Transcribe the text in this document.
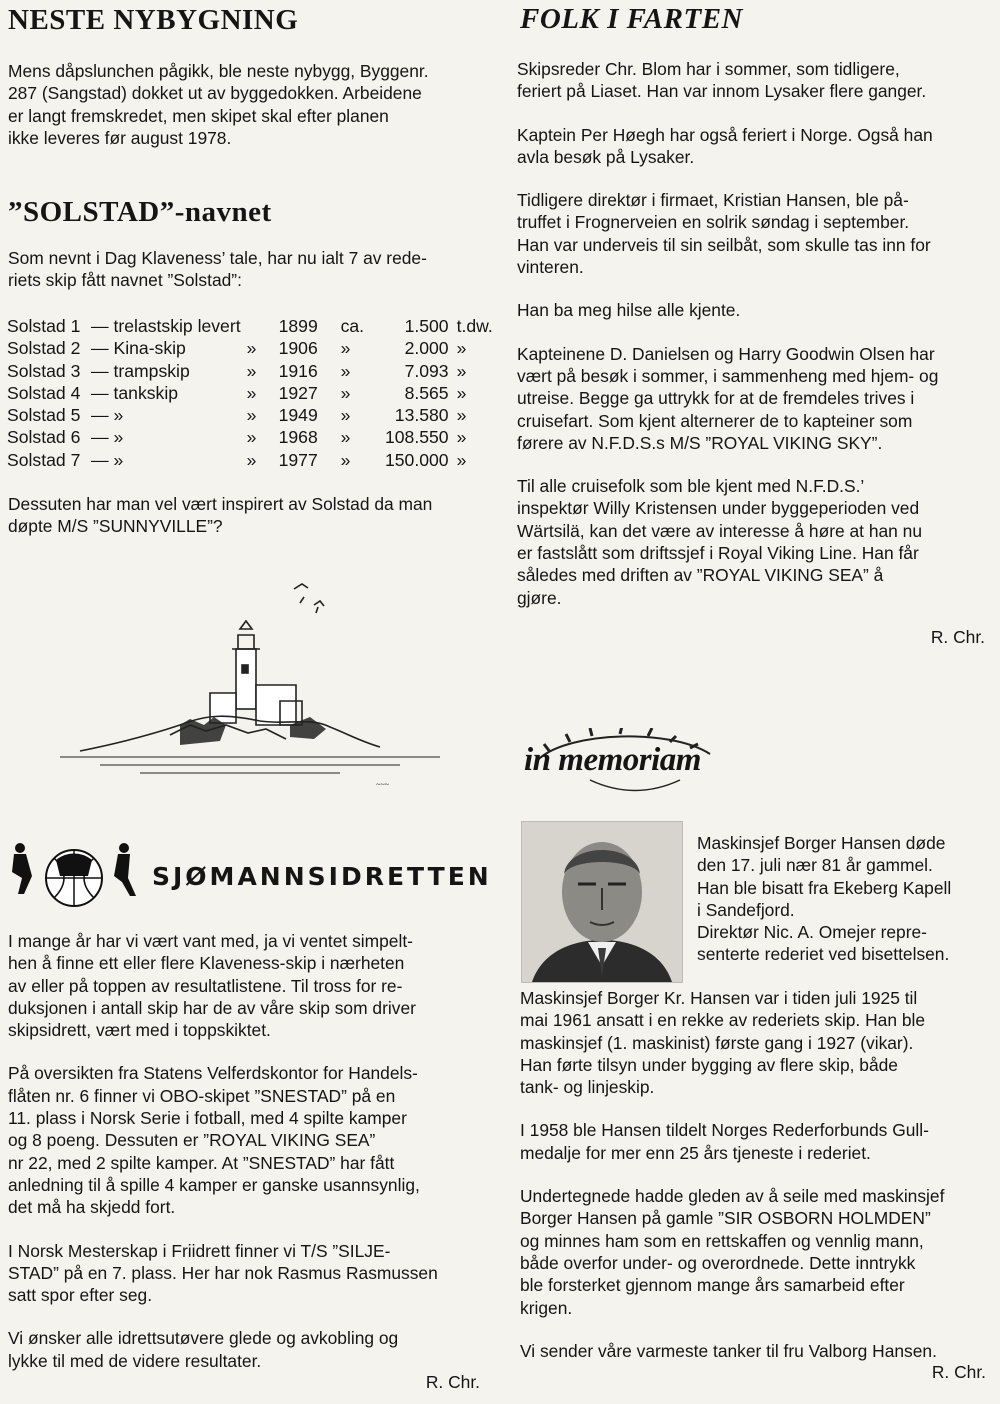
NESTE NYBYGNING

Mens dåpslunchen pågikk, ble neste nybygg, Byggenr.

287 (Sangstad) dokket ut av byggedokken. Arbeidene

er langt fremskredet, men skipet skal efter planen

ikke leveres før august 1978.

”SOLSTAD”-navnet

Som nevnt i Dag Klaveness’ tale, har nu ialt 7 av rede-

riets skip fått navnet ”Solstad”:

Solstad 1	— trelastskip levert		1899	ca.	1.500	t.dw.
Solstad 2	— Kina-skip	»	1906	»	2.000	»
Solstad 3	— trampskip	»	1916	»	7.093	»
Solstad 4	— tankskip	»	1927	»	8.565	»
Solstad 5	— »	»	1949	»	13.580	»
Solstad 6	— »	»	1968	»	108.550	»
Solstad 7	— »	»	1977	»	150.000	»

Dessuten har man vel vært inspirert av Solstad da man

døpte M/S ”SUNNYVILLE”?

~~~
SJØMANNSIDRETTEN

I mange år har vi vært vant med, ja vi ventet simpelt-

hen å finne ett eller flere Klaveness-skip i nærheten

av eller på toppen av resultatlistene. Til tross for re-

duksjonen i antall skip har de av våre skip som driver

skipsidrett, vært med i toppskiktet.

På oversikten fra Statens Velferdskontor for Handels-

flåten nr. 6 finner vi OBO-skipet ”SNESTAD” på en

11. plass i Norsk Serie i fotball, med 4 spilte kamper

og 8 poeng. Dessuten er ”ROYAL VIKING SEA”

nr 22, med 2 spilte kamper. At ”SNESTAD” har fått

anledning til å spille 4 kamper er ganske usannsynlig,

det må ha skjedd fort.

I Norsk Mesterskap i Friidrett finner vi T/S ”SILJE-

STAD” på en 7. plass. Her har nok Rasmus Rasmussen

satt spor efter seg.

Vi ønsker alle idrettsutøvere glede og avkobling og

lykke til med de videre resultater.

R. Chr.
FOLK I FARTEN

Skipsreder Chr. Blom har i sommer, som tidligere,

feriert på Liaset. Han var innom Lysaker flere ganger.

Kaptein Per Høegh har også feriert i Norge. Også han

avla besøk på Lysaker.

Tidligere direktør i firmaet, Kristian Hansen, ble på-

truffet i Frognerveien en solrik søndag i september.

Han var underveis til sin seilbåt, som skulle tas inn for

vinteren.

Han ba meg hilse alle kjente.

Kapteinene D. Danielsen og Harry Goodwin Olsen har

vært på besøk i sommer, i sammenheng med hjem- og

utreise. Begge ga uttrykk for at de fremdeles trives i

cruisefart. Som kjent alternerer de to kapteiner som

førere av N.F.D.S.s M/S ”ROYAL VIKING SKY”.

Til alle cruisefolk som ble kjent med N.F.D.S.’

inspektør Willy Kristensen under byggeperioden ved

Wärtsilä, kan det være av interesse å høre at han nu

er fastslått som driftssjef i Royal Viking Line. Han får

således med driften av ”ROYAL VIKING SEA” å

gjøre.

R. Chr.
in memoriam

Maskinsjef Borger Hansen døde

den 17. juli nær 81 år gammel.

Han ble bisatt fra Ekeberg Kapell

i Sandefjord.

Direktør Nic. A. Omejer repre-

senterte rederiet ved bisettelsen.

Maskinsjef Borger Kr. Hansen var i tiden juli 1925 til

mai 1961 ansatt i en rekke av rederiets skip. Han ble

maskinsjef (1. maskinist) første gang i 1927 (vikar).

Han førte tilsyn under bygging av flere skip, både

tank- og linjeskip.

I 1958 ble Hansen tildelt Norges Rederforbunds Gull-

medalje for mer enn 25 års tjeneste i rederiet.

Undertegnede hadde gleden av å seile med maskinsjef

Borger Hansen på gamle ”SIR OSBORN HOLMDEN”

og minnes ham som en rettskaffen og vennlig mann,

både overfor under- og overordnede. Dette inntrykk

ble forsterket gjennom mange års samarbeid efter

krigen.

Vi sender våre varmeste tanker til fru Valborg Hansen.

R. Chr.
